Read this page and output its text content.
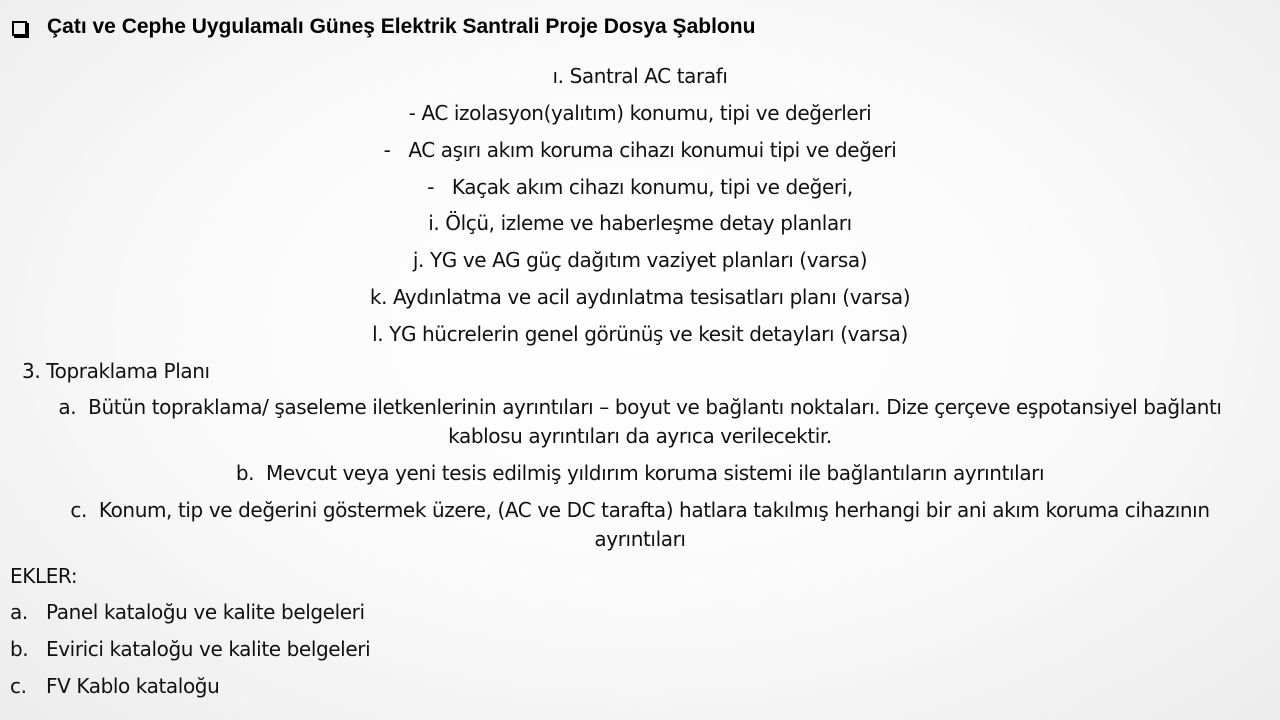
Çatı ve Cephe Uygulamalı Güneş Elektrik Santrali Proje Dosya Şablonu
ı. Santral AC tarafı
- AC izolasyon(yalıtım) konumu, tipi ve değerleri
- AC aşırı akım koruma cihazı konumui tipi ve değeri
- Kaçak akım cihazı konumu, tipi ve değeri,
i. Ölçü, izleme ve haberleşme detay planları
j. YG ve AG güç dağıtım vaziyet planları (varsa)
k. Aydınlatma ve acil aydınlatma tesisatları planı (varsa)
l. YG hücrelerin genel görünüş ve kesit detayları (varsa)
3. Topraklama Planı
a. Bütün topraklama/ şaseleme iletkenlerinin ayrıntıları – boyut ve bağlantı noktaları. Dize çerçeve eşpotansiyel bağlantı kablosu ayrıntıları da ayrıca verilecektir.
b. Mevcut veya yeni tesis edilmiş yıldırım koruma sistemi ile bağlantıların ayrıntıları
c. Konum, tip ve değerini göstermek üzere, (AC ve DC tarafta) hatlara takılmış herhangi bir ani akım koruma cihazının ayrıntıları
EKLER:
a. Panel kataloğu ve kalite belgeleri
b. Evirici kataloğu ve kalite belgeleri
c. FV Kablo kataloğu
